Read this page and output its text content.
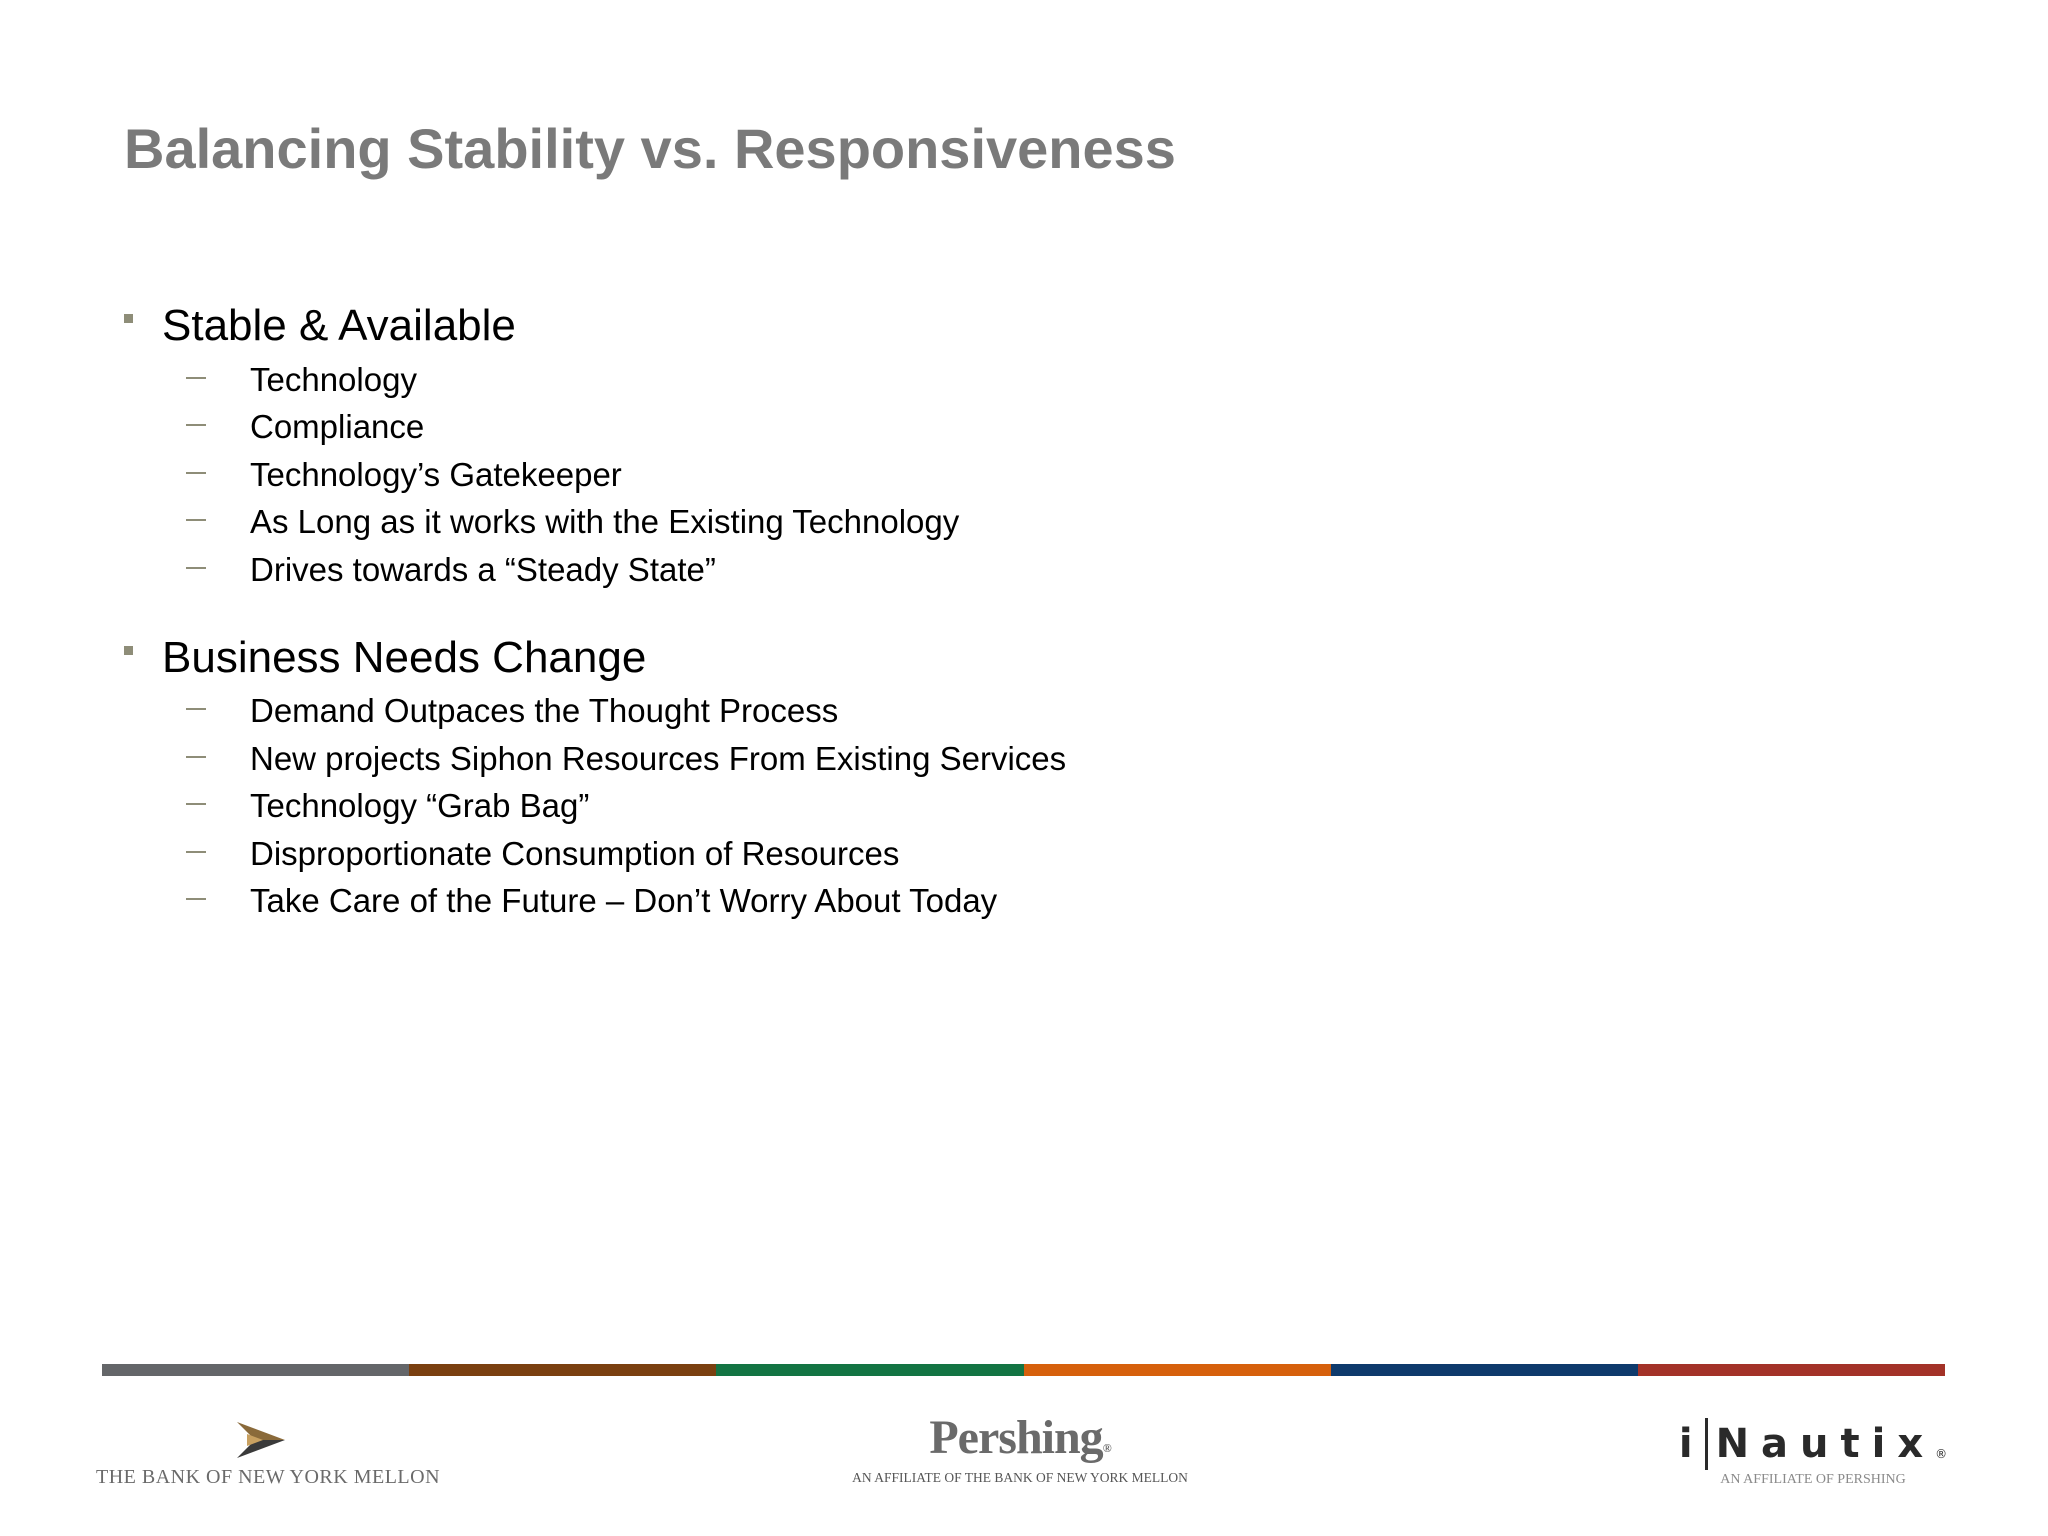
Balancing Stability vs. Responsiveness
Stable & Available
Technology
Compliance
Technology’s Gatekeeper
As Long as it works with the Existing Technology
Drives towards a “Steady State”
Business Needs Change
Demand Outpaces the Thought Process
New projects Siphon Resources From Existing Services
Technology “Grab Bag”
Disproportionate Consumption of Resources
Take Care of the Future – Don’t Worry About Today
THE BANK OF NEW YORK MELLON
Pershing®
AN AFFILIATE OF THE BANK OF NEW YORK MELLON
i Nautix ®
AN AFFILIATE OF PERSHING
